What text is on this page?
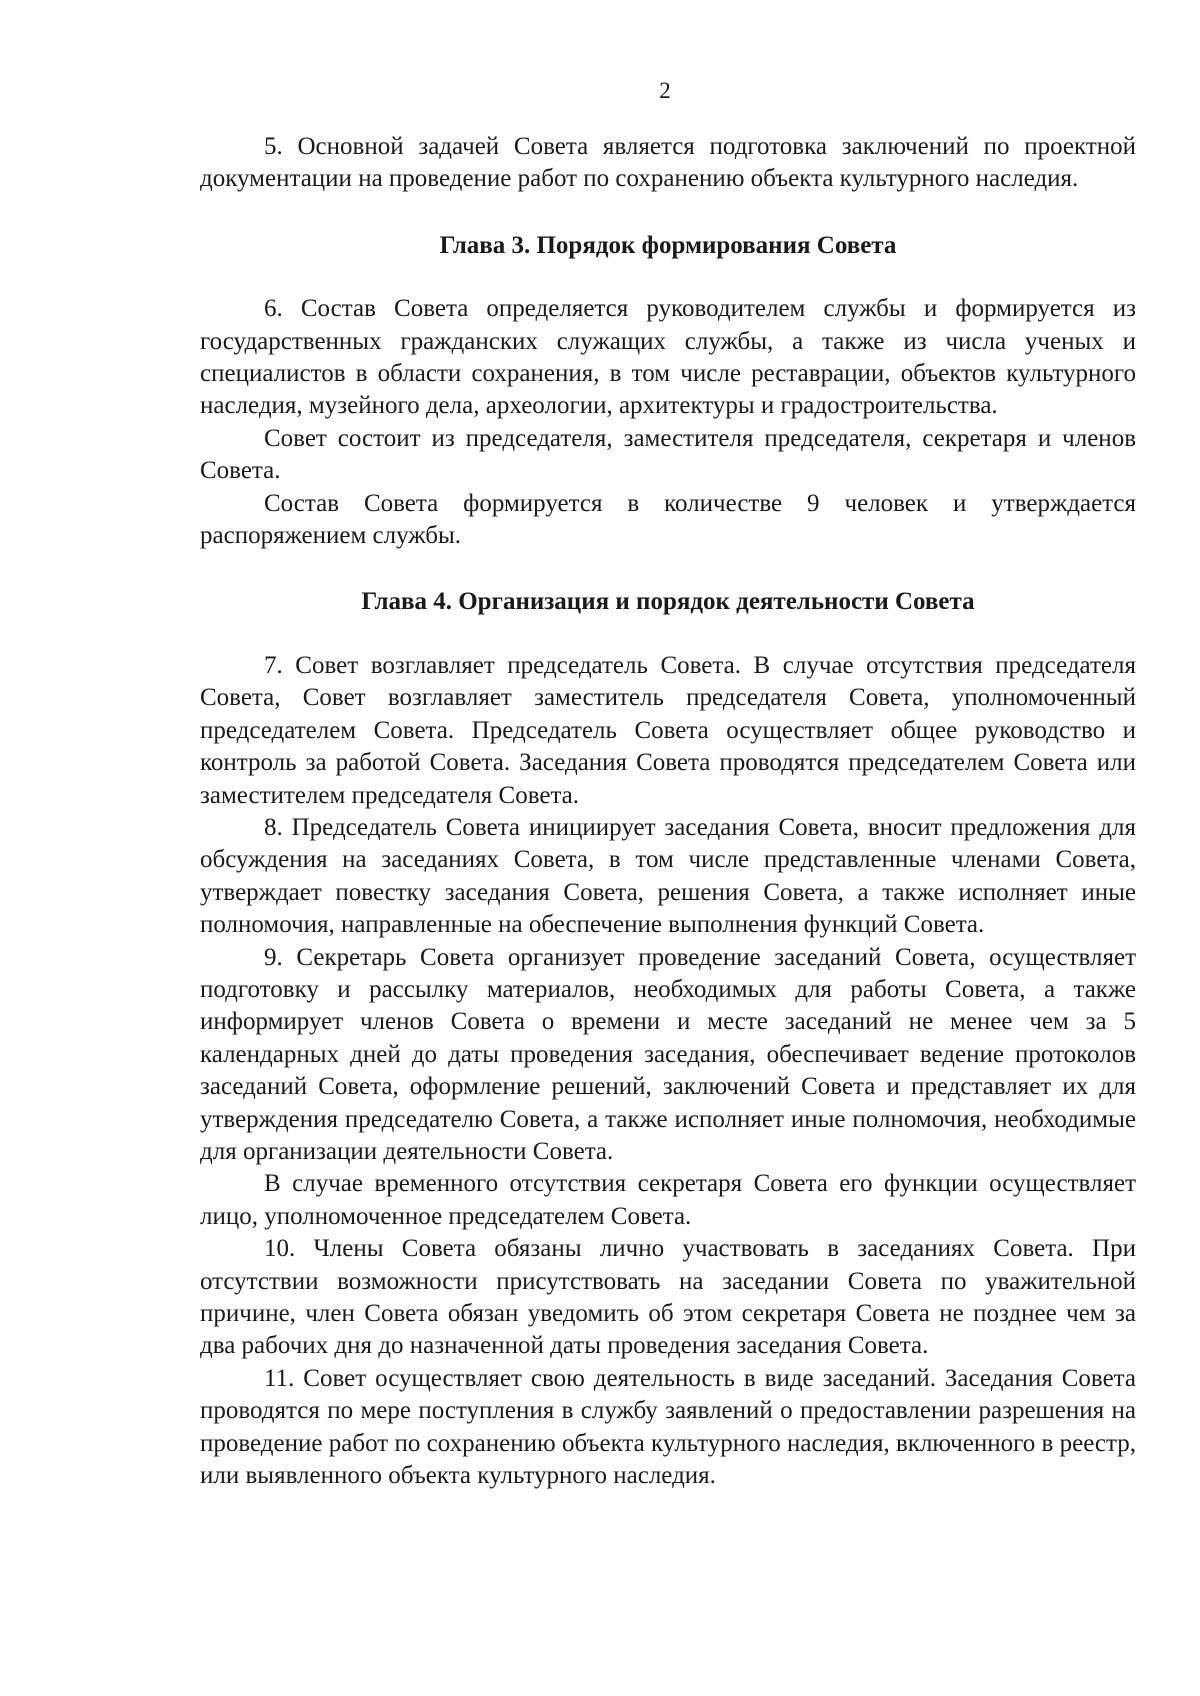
2

5. Основной задачей Совета является подготовка заключений по проектной документации на проведение работ по сохранению объекта культурного наследия.

Глава 3. Порядок формирования Совета

6. Состав Совета определяется руководителем службы и формируется из государственных гражданских служащих службы, а также из числа ученых и специалистов в области сохранения, в том числе реставрации, объектов культурного наследия, музейного дела, археологии, архитектуры и градостроительства.

Совет состоит из председателя, заместителя председателя, секретаря и членов Совета.

Состав Совета формируется в количестве 9 человек и утверждается распоряжением службы.

Глава 4. Организация и порядок деятельности Совета

7. Совет возглавляет председатель Совета. В случае отсутствия председателя Совета, Совет возглавляет заместитель председателя Совета, уполномоченный председателем Совета. Председатель Совета осуществляет общее руководство и контроль за работой Совета. Заседания Совета проводятся председателем Совета или заместителем председателя Совета.

8. Председатель Совета инициирует заседания Совета, вносит предложения для обсуждения на заседаниях Совета, в том числе представленные членами Совета, утверждает повестку заседания Совета, решения Совета, а также исполняет иные полномочия, направленные на обеспечение выполнения функций Совета.

9. Секретарь Совета организует проведение заседаний Совета, осуществляет подготовку и рассылку материалов, необходимых для работы Совета, а также информирует членов Совета о времени и месте заседаний не менее чем за 5 календарных дней до даты проведения заседания, обеспечивает ведение протоколов заседаний Совета, оформление решений, заключений Совета и представляет их для утверждения председателю Совета, а также исполняет иные полномочия, необходимые для организации деятельности Совета.

В случае временного отсутствия секретаря Совета его функции осуществляет лицо, уполномоченное председателем Совета.

10. Члены Совета обязаны лично участвовать в заседаниях Совета. При отсутствии возможности присутствовать на заседании Совета по уважительной причине, член Совета обязан уведомить об этом секретаря Совета не позднее чем за два рабочих дня до назначенной даты проведения заседания Совета.

11. Совет осуществляет свою деятельность в виде заседаний. Заседания Совета проводятся по мере поступления в службу заявлений о предоставлении разрешения на проведение работ по сохранению объекта культурного наследия, включенного в реестр, или выявленного объекта культурного наследия.
